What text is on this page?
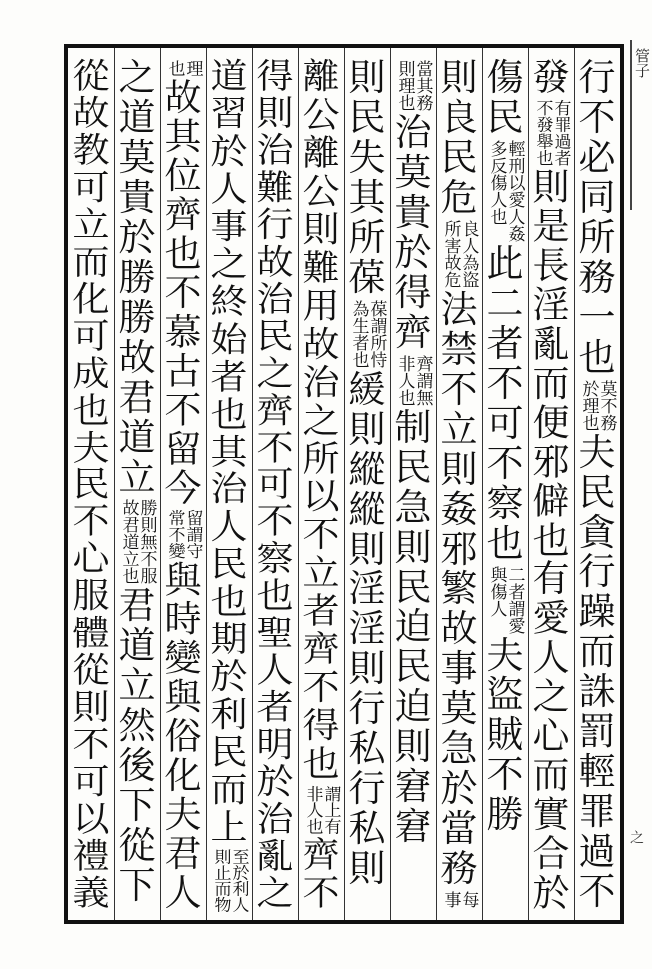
行
不
必
同
所
務
一
也
莫不務
於理也
夫
民
貪
行
躁
而
誅
罰
輕
罪
過
不
發
有罪過者
不發舉也
則
是
長
淫
亂
而
便
邪
僻
也
有
愛
人
之
心
而
實
合
於
傷
民
輕刑以愛人姦
多反傷人也
此
二
者
不
可
不
察
也
二者謂愛
與傷人
夫
盜
賊
不
勝
則
良
民
危
良人為盜
所害故危
法
禁
不
立
則
姦
邪
繁
故
事
莫
急
於
當
務
每
事
當其務
則理也
治
莫
貴
於
得
齊
齊謂無
非人也
制
民
急
則
民
迫
民
迫
則
窘
窘
則
民
失
其
所
葆
葆謂所恃
為生者也
緩
則
縱
縱
則
淫
淫
則
行
私
行
私
則
離
公
離
公
則
難
用
故
治
之
所
以
不
立
者
齊
不
得
也
謂上有
非人也
齊
不
得
則
治
難
行
故
治
民
之
齊
不
可
不
察
也
聖
人
者
明
於
治
亂
之
道
習
於
人
事
之
終
始
者
也
其
治
人
民
也
期
於
利
民
而
上
至於利人
則止而物
理
也
故
其
位
齊
也
不
慕
古
不
留
今
留謂守
常不變
與
時
變
與
俗
化
夫
君
人
之
道
莫
貴
於
勝
勝
故
君
道
立
勝則無不服
故君道立也
君
道
立
然
後
下
從
下
從
故
教
可
立
而
化
可
成
也
夫
民
不
心
服
體
從
則
不
可
以
禮
義
管子
之
